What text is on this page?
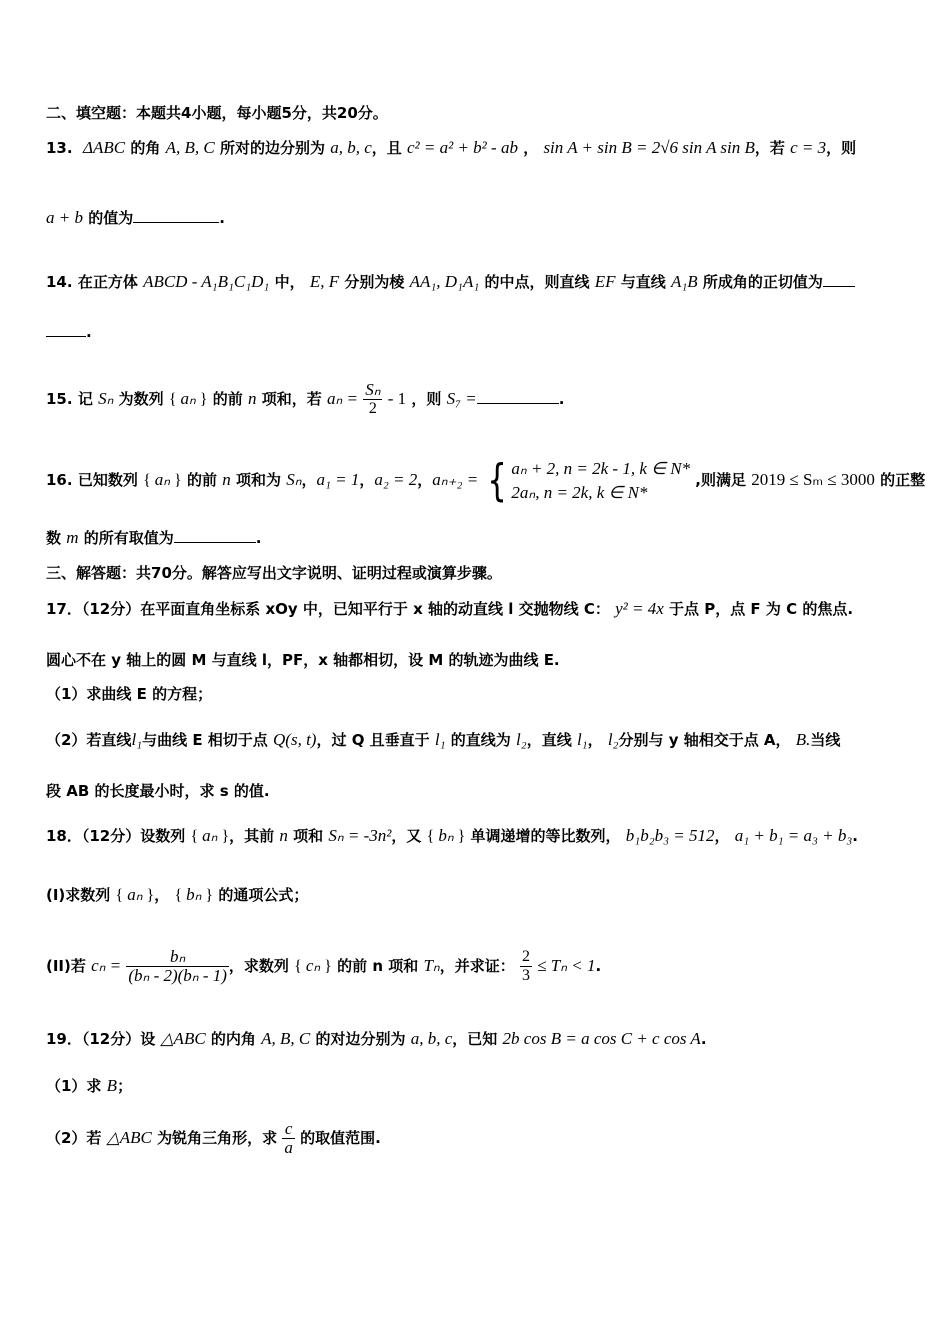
二、填空题：本题共4小题，每小题5分，共20分。
13. ΔABC 的角 A, B, C 所对的边分别为 a, b, c，且 c² = a² + b² - ab ， sin A + sin B = 2√6 sin A sin B，若 c = 3，则
a + b 的值为	.
14. 在正方体 ABCD - A₁B₁C₁D₁ 中， E, F 分别为棱 AA₁, D₁A₁ 的中点，则直线 EF 与直线 A₁B 所成角的正切值为
.
15. 记 Sₙ 为数列 { aₙ } 的前 n 项和，若 $a_n = \frac{\text{Sₙ}}{2} - 1$ ，则 S₇ =	.
16. 已知数列 { aₙ } 的前 n 项和为 Sₙ，a₁ = 1，a₂ = 2，aₙ₊₂ = { aₙ + 2, n = 2k - 1, k ∈ N*
2aₙ, n = 2k, k ∈ N*
,则满足 2019 ≤ Sₘ ≤ 3000 的正整
数 m 的所有取值为	.
三、解答题：共70分。解答应写出文字说明、证明过程或演算步骤。
17．（12分）在平面直角坐标系 xOy 中，已知平行于 x 轴的动直线 l 交抛物线 C： y² = 4x 于点 P，点 F 为 C 的焦点.
圆心不在 y 轴上的圆 M 与直线 l，PF，x 轴都相切，设 M 的轨迹为曲线 E.
（1）求曲线 E 的方程；
（2）若直线l₁与曲线 E 相切于点 Q(s, t)，过 Q 且垂直于 l₁ 的直线为 l₂，直线 l₁， l₂分别与 y 轴相交于点 A， B.当线
段 AB 的长度最小时，求 s 的值.
18．（12分）设数列 { aₙ }，其前 n 项和 Sₙ = -3n²，又 { bₙ } 单调递增的等比数列， b₁b₂b₃ = 512， a₁ + b₁ = a₃ + b₃.
(I)求数列 { aₙ }， { bₙ } 的通项公式；
(II)若 $c_n = \frac{\text{bₙ}}{\text{(bₙ - 2)(bₙ - 1)}}$ ，求数列 { cₙ } 的前 n 项和 Tₙ，并求证： $\frac{2}{3} \le T_n < 1$.
19．（12分）设 △ABC 的内角 A, B, C 的对边分别为 a, b, c，已知 2b cos B = a cos C + c cos A.
（1）求 B；
（2）若 △ABC 为锐角三角形，求 $\frac{c}{a}$ 的取值范围.
